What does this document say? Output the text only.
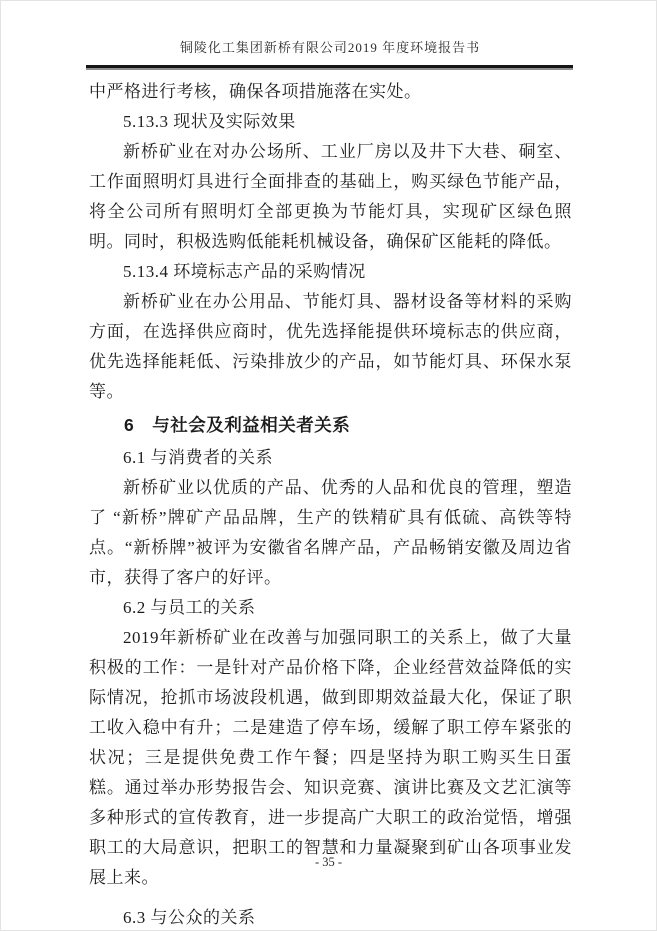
铜陵化工集团新桥有限公司2019 年度环境报告书

中严格进行考核，确保各项措施落在实处。

5.13.3 现状及实际效果

新桥矿业在对办公场所、工业厂房以及井下大巷、硐室、工作面照明灯具进行全面排查的基础上，购买绿色节能产品，将全公司所有照明灯全部更换为节能灯具，实现矿区绿色照明。同时，积极选购低能耗机械设备，确保矿区能耗的降低。

5.13.4 环境标志产品的采购情况

新桥矿业在办公用品、节能灯具、器材设备等材料的采购方面，在选择供应商时，优先选择能提供环境标志的供应商，优先选择能耗低、污染排放少的产品，如节能灯具、环保水泵等。

6　与社会及利益相关者关系

6.1 与消费者的关系

新桥矿业以优质的产品、优秀的人品和优良的管理，塑造了 “新桥”牌矿产品品牌，生产的铁精矿具有低硫、高铁等特点。“新桥牌”被评为安徽省名牌产品，产品畅销安徽及周边省市，获得了客户的好评。

6.2 与员工的关系

2019年新桥矿业在改善与加强同职工的关系上，做了大量积极的工作：一是针对产品价格下降，企业经营效益降低的实际情况，抢抓市场波段机遇，做到即期效益最大化，保证了职工收入稳中有升；二是建造了停车场，缓解了职工停车紧张的状况；三是提供免费工作午餐；四是坚持为职工购买生日蛋糕。通过举办形势报告会、知识竞赛、演讲比赛及文艺汇演等多种形式的宣传教育，进一步提高广大职工的政治觉悟，增强职工的大局意识，把职工的智慧和力量凝聚到矿山各项事业发展上来。

6.3 与公众的关系

- 35 -
